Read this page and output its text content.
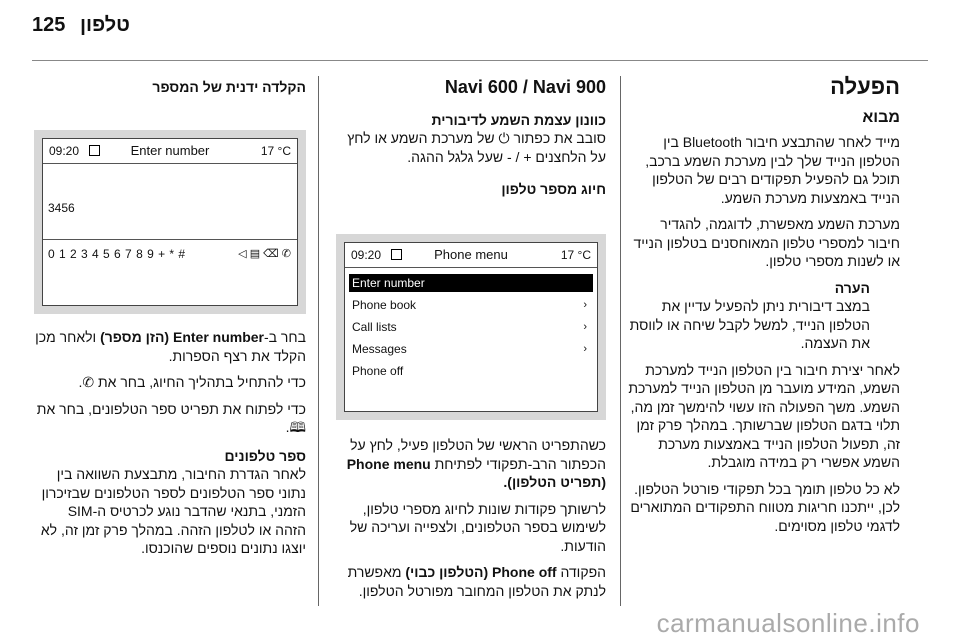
125 טלפון
הפעלה
מבוא

מייד לאחר שהתבצע חיבור Bluetooth בין הטלפון הנייד שלך לבין מערכת השמע ברכב, תוכל גם להפעיל תפקודים רבים של הטלפון הנייד באמצעות מערכת השמע.

מערכת השמע מאפשרת, לדוגמה, להגדיר חיבור למספרי טלפון המאוחסנים בטלפון הנייד או לשנות מספרי טלפון.

הערה

במצב דיבורית ניתן להפעיל עדיין את הטלפון הנייד, למשל לקבל שיחה או לווסת את העצמה.

לאחר יצירת חיבור בין הטלפון הנייד למערכת השמע, המידע מועבר מן הטלפון הנייד למערכת השמע. משך הפעולה הזו עשוי להימשך זמן מה, תלוי בדגם הטלפון שברשותך. במהלך פרק זמן זה, תפעול הטלפון הנייד באמצעות מערכת השמע אפשרי רק במידה מוגבלת.

לא כל טלפון תומך בכל תפקודי פורטל הטלפון. לכן, ייתכנו חריגות מטווח התפקודים המתוארים לדגמי טלפון מסוימים.

Navi 600 / Navi 900
כוונון עצמת השמע לדיבורית

סובב את כפתור ⏻ של מערכת השמע או לחץ על הלחצנים + / - שעל גלגל ההגה.

חיוג מספר טלפון
09:20	Phone menu	17 °C
Enter number
Phone book	›
Call lists	›
Messages	›
Phone off

כשהתפריט הראשי של הטלפון פעיל, לחץ על הכפתור הרב-תפקודי לפתיחת Phone menu (תפריט הטלפון).

לרשותך פקודות שונות לחיוג מספרי טלפון, לשימוש בספר הטלפונים, ולצפייה ועריכה של הודעות.

הפקודה Phone off (הטלפון כבוי) מאפשרת לנתק את הטלפון המחובר מפורטל הטלפון.

הקלדה ידנית של המספר
09:20	Enter number	17 °C
3456
0 1 2 3 4 5 6 7 8 9 + * #	◁ ▤ ⌫ ✆

בחר ב-Enter number (הזן מספר) ולאחר מכן הקלד את רצף הספרות.

כדי להתחיל בתהליך החיוג, בחר את ✆.

כדי לפתוח את תפריט ספר הטלפונים, בחר את 🕮.

ספר טלפונים

לאחר הגדרת החיבור, מתבצעת השוואה בין נתוני ספר הטלפונים לספר הטלפונים שבזיכרון הזמני, בתנאי שהדבר נוגע לכרטיס ה-SIM הזהה או לטלפון הזהה. במהלך פרק זמן זה, לא יוצגו נתונים נוספים שהוכנסו.

carmanualsonline.info
